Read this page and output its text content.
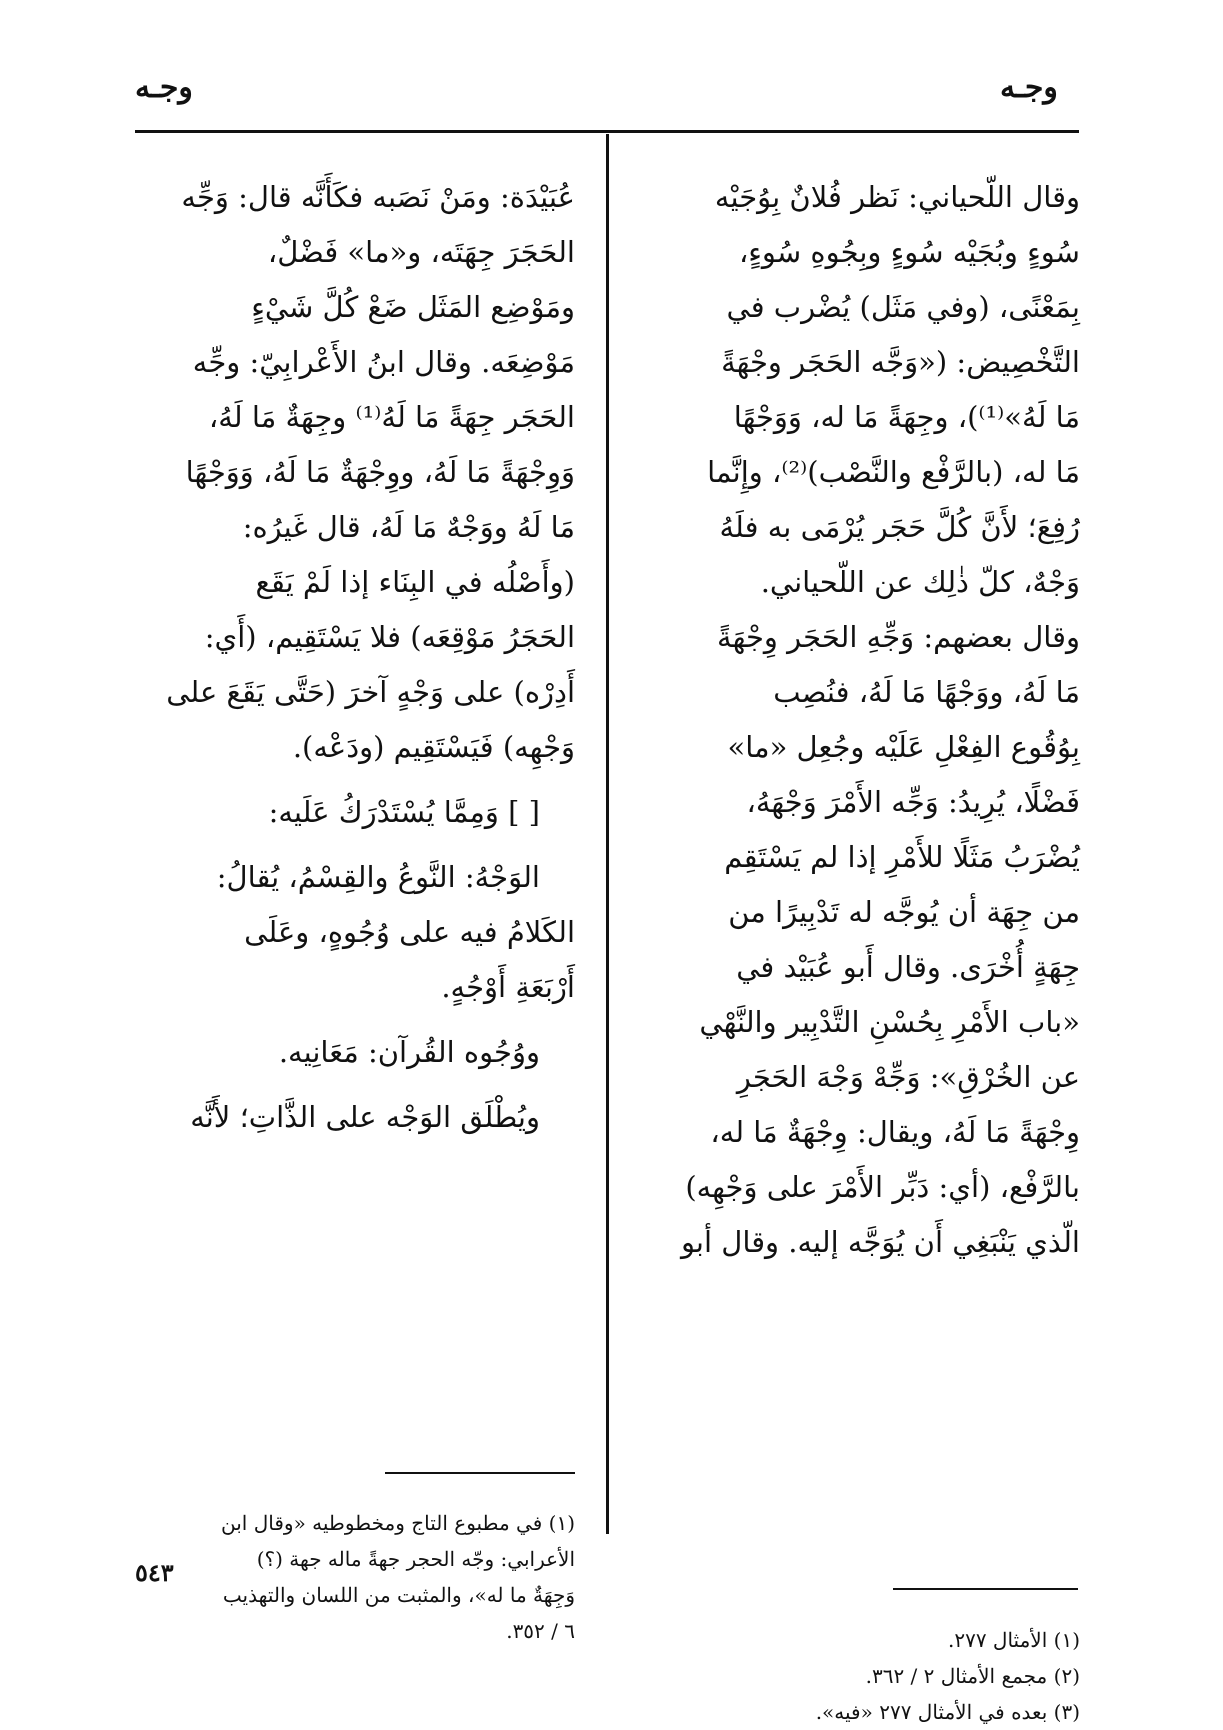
وجـه
وجـه

وقال اللّحياني: نَظر فُلانٌ بِوُجَيْه

سُوءٍ وبُجَيْه سُوءٍ وبِجُوهِ سُوءٍ،

بِمَعْنًى، (وفي مَثَل) يُضْرب في

التَّخْصِيض: («وَجَّه الحَجَر وجْهَةً

مَا لَهُ»⁽¹⁾)، وجِهَةً مَا له، وَوَجْهًا

مَا له، (بالرَّفْع والنَّصْب)⁽²⁾، وإِنَّما

رُفِعَ؛ لأَنَّ كُلَّ حَجَر يُرْمَى به فلَهُ

وَجْهٌ، كلّ ذٰلِك عن اللّحياني.

وقال بعضهم: وَجِّهِ الحَجَر وِجْهَةً

مَا لَهُ، ووَجْهًا مَا لَهُ، فنُصِب

بِوُقُوع الفِعْلِ عَلَيْه وجُعِل «ما»

فَضْلًا، يُرِيدُ: وَجِّه الأَمْرَ وَجْهَهُ،

يُضْرَبُ مَثَلًا للأَمْرِ إذا لم يَسْتَقِم

من جِهَة أن يُوجَّه له تَدْبِيرًا من

جِهَةٍ أُخْرَى. وقال أَبو عُبَيْد في

«باب الأَمْرِ بِحُسْنِ التَّدْبِير والنَّهْي

عن الخُرْقِ»: وَجِّهْ وَجْهَ الحَجَرِ

وِجْهَةً مَا لَهُ، ويقال: وِجْهَةٌ مَا له،

بالرَّفْع، (أي: دَبِّر الأَمْرَ على وَجْهِه)

الّذي يَنْبَغِي أَن يُوَجَّه إليه. وقال أبو

عُبَيْدَة: ومَنْ نَصَبه فكَأَنَّه قال: وَجِّه

الحَجَرَ جِهَتَه، و«ما» فَضْلٌ،

ومَوْضِع المَثَل ضَعْ كُلَّ شَيْءٍ

مَوْضِعَه. وقال ابنُ الأَعْرابِيّ: وجِّه

الحَجَر جِهَةً مَا لَهُ⁽¹⁾ وجِهَةٌ مَا لَهُ،

وَوِجْهَةً مَا لَهُ، ووِجْهَةٌ مَا لَهُ، وَوَجْهًا

مَا لَهُ ووَجْهٌ مَا لَهُ، قال غَيرُه:

(وأَصْلُه في البِنَاء إذا لَمْ يَقَع

الحَجَرُ مَوْقِعَه) فلا يَسْتَقِيم، (أَي:

أَدِرْه) على وَجْهٍ آخرَ (حَتَّى يَقَعَ على

وَجْهِه) فَيَسْتَقِيم (ودَعْه).

[ ] وَمِمَّا يُسْتَدْرَكُ عَلَيه:

الوَجْهُ: النَّوعُ والقِسْمُ، يُقالُ:

الكَلامُ فيه على وُجُوهٍ، وعَلَى

أَرْبَعَةِ أَوْجُهٍ.

ووُجُوه القُرآن: مَعَانِيه.

ويُطْلَق الوَجْه على الذَّاتِ؛ لأَنَّه

(١) الأمثال ٢٧٧.

(٢) مجمع الأمثال ٢ / ٣٦٢.

(٣) بعده في الأمثال ٢٧٧ «فيه».

(١) في مطبوع التاج ومخطوطيه «وقال ابن

الأعرابي: وجّه الحجر جهةً ماله جهة (؟)

وَجِهَةٌ ما له»، والمثبت من اللسان والتهذيب

٦ / ٣٥٢.

٥٤٣
